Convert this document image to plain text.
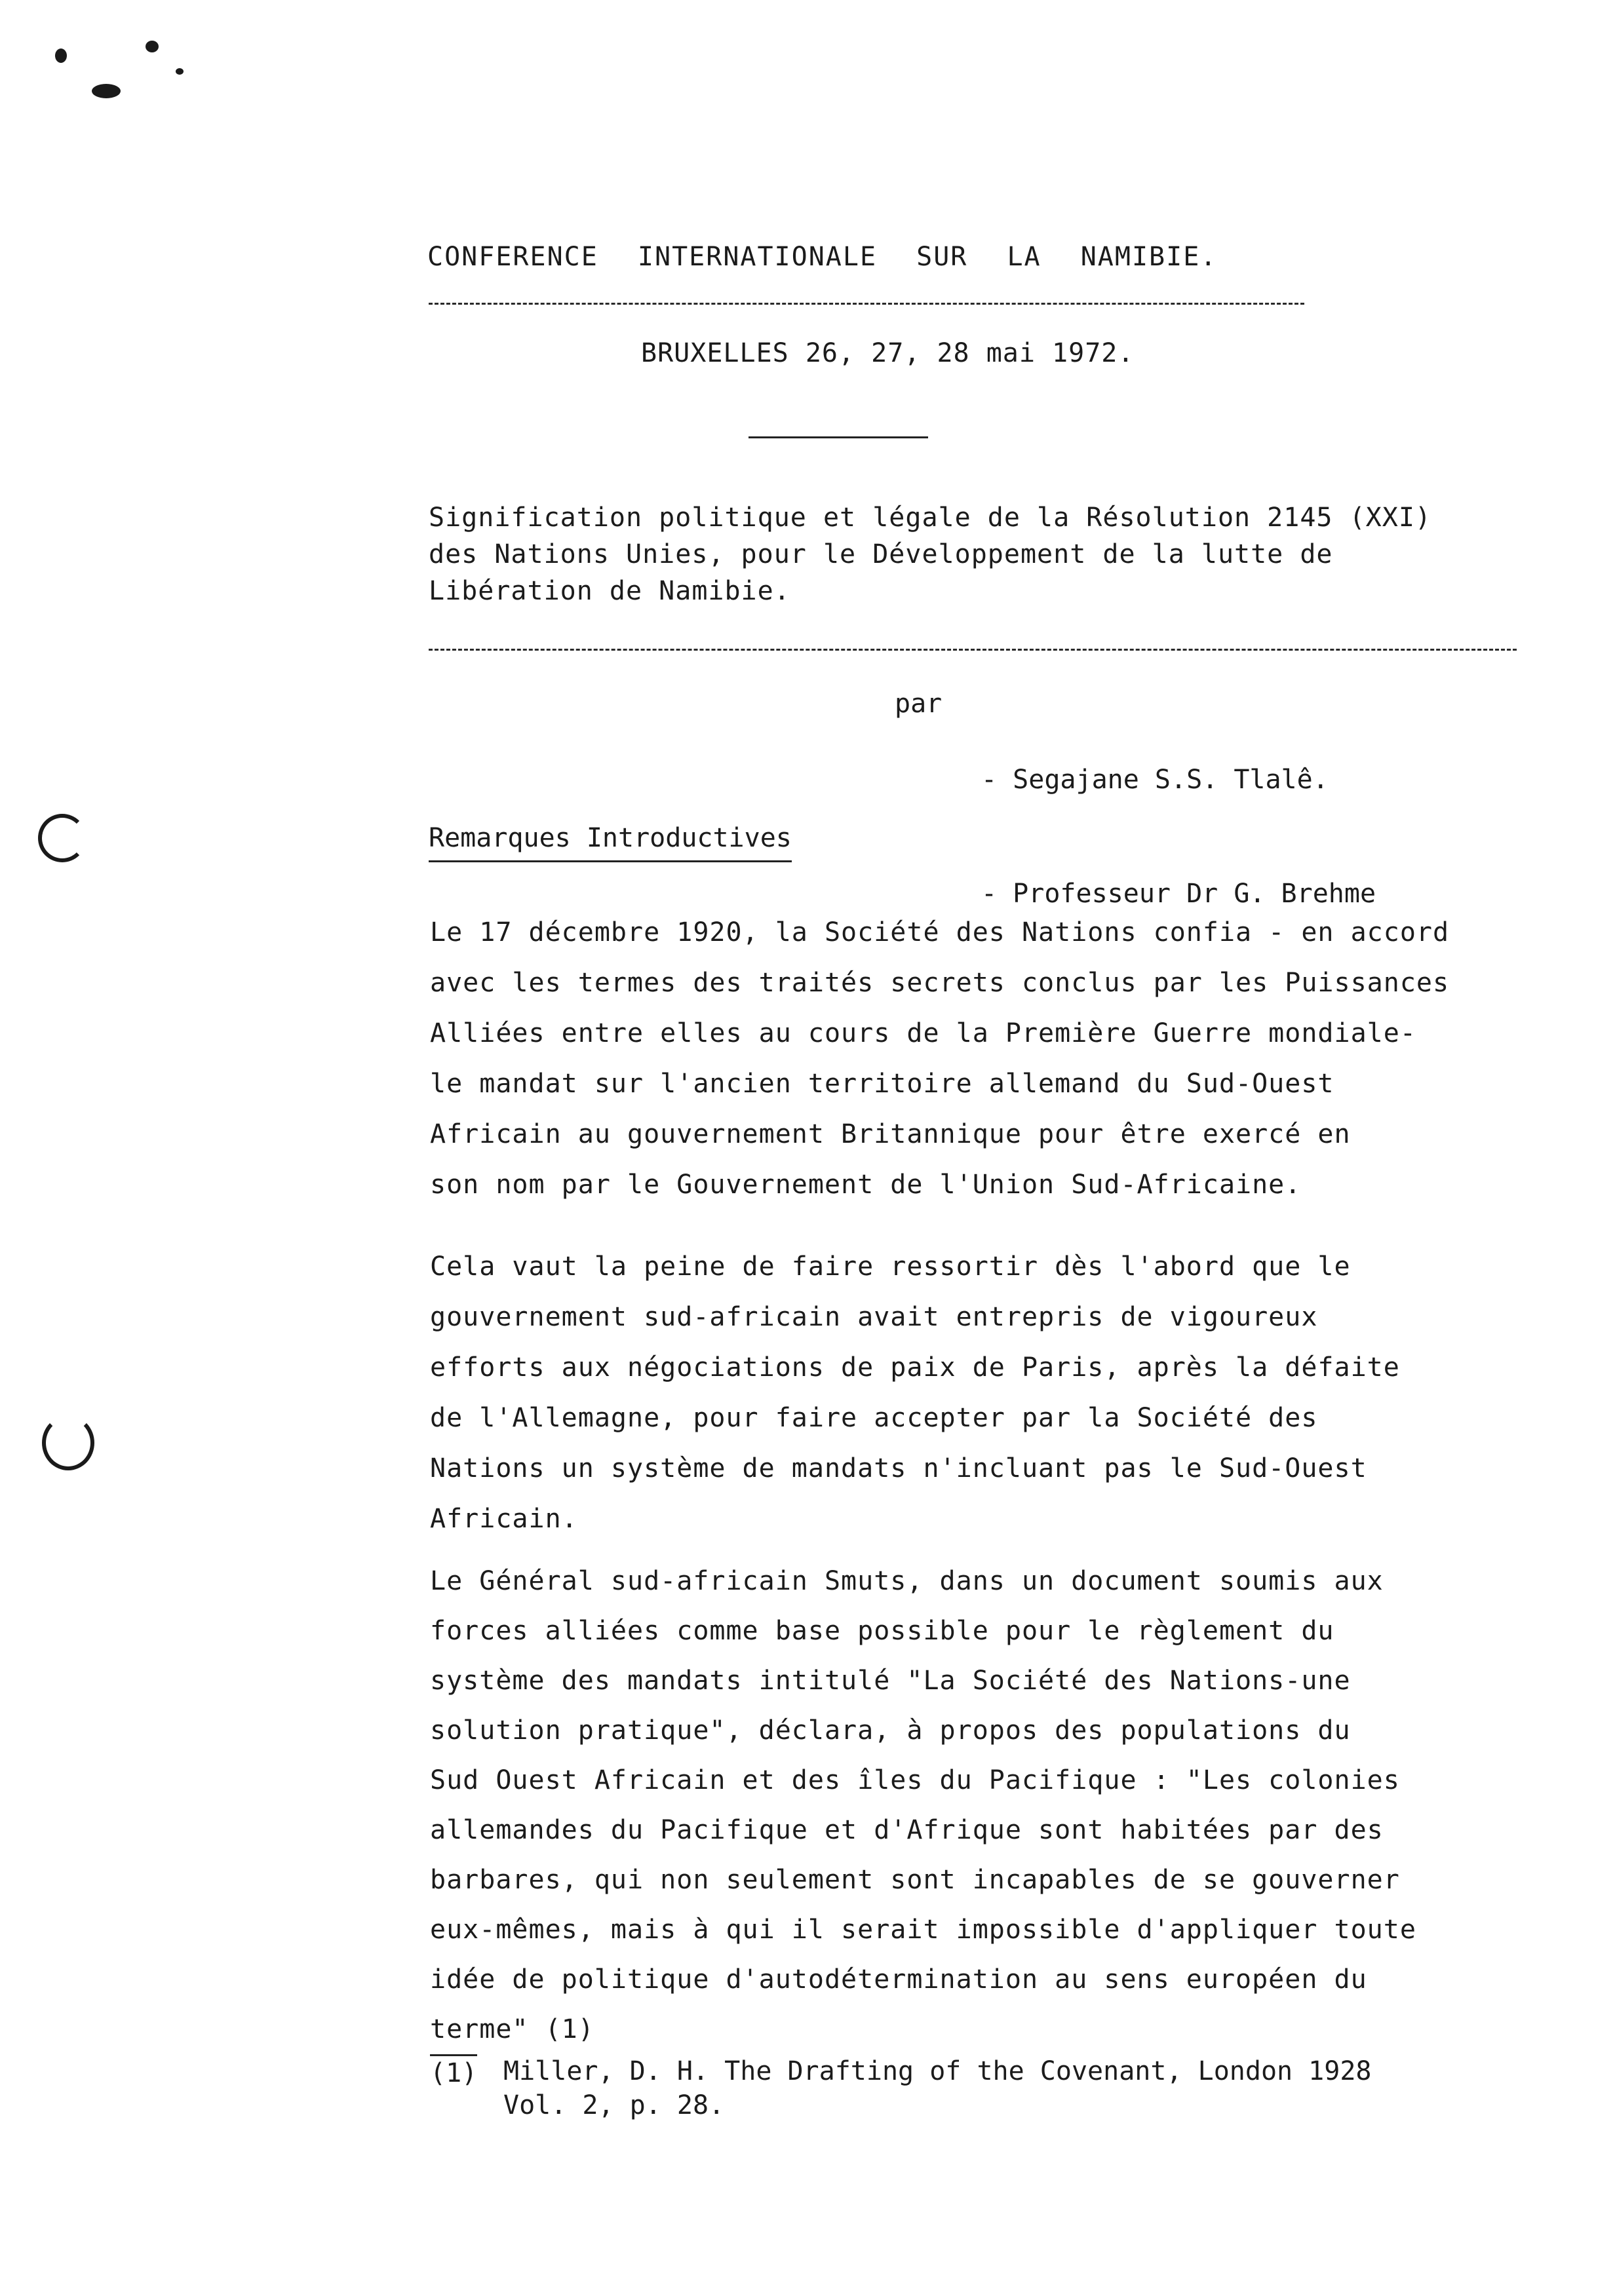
CONFERENCE INTERNATIONALE SUR LA NAMIBIE.
BRUXELLES 26, 27, 28 mai 1972.
Signification politique et légale de la Résolution 2145 (XXI)
des Nations Unies, pour le Développement de la lutte de
Libération de Namibie.
par

- Segajane S.S. Tlalê.

- Professeur Dr G. Brehme

Remarques Introductives
Le 17 décembre 1920, la Société des Nations confia - en accord
avec les termes des traités secrets conclus par les Puissances
Alliées entre elles au cours de la Première Guerre mondiale-
le mandat sur l'ancien territoire allemand du Sud-Ouest
Africain au gouvernement Britannique pour être exercé en
son nom par le Gouvernement de l'Union Sud-Africaine.
Cela vaut la peine de faire ressortir dès l'abord que le
gouvernement sud-africain avait entrepris de vigoureux
efforts aux négociations de paix de Paris, après la défaite
de l'Allemagne, pour faire accepter par la Société des
Nations un système de mandats n'incluant pas le Sud-Ouest
Africain.
Le Général sud-africain Smuts, dans un document soumis aux
forces alliées comme base possible pour le règlement du
système des mandats intitulé "La Société des Nations-une
solution pratique", déclara, à propos des populations du
Sud Ouest Africain et des îles du Pacifique : "Les colonies
allemandes du Pacifique et d'Afrique sont habitées par des
barbares, qui non seulement sont incapables de se gouverner
eux-mêmes, mais à qui il serait impossible d'appliquer toute
idée de politique d'autodétermination au sens européen du
terme" (1)
(1) Miller, D. H. The Drafting of the Covenant, London 1928
Vol. 2, p. 28.
